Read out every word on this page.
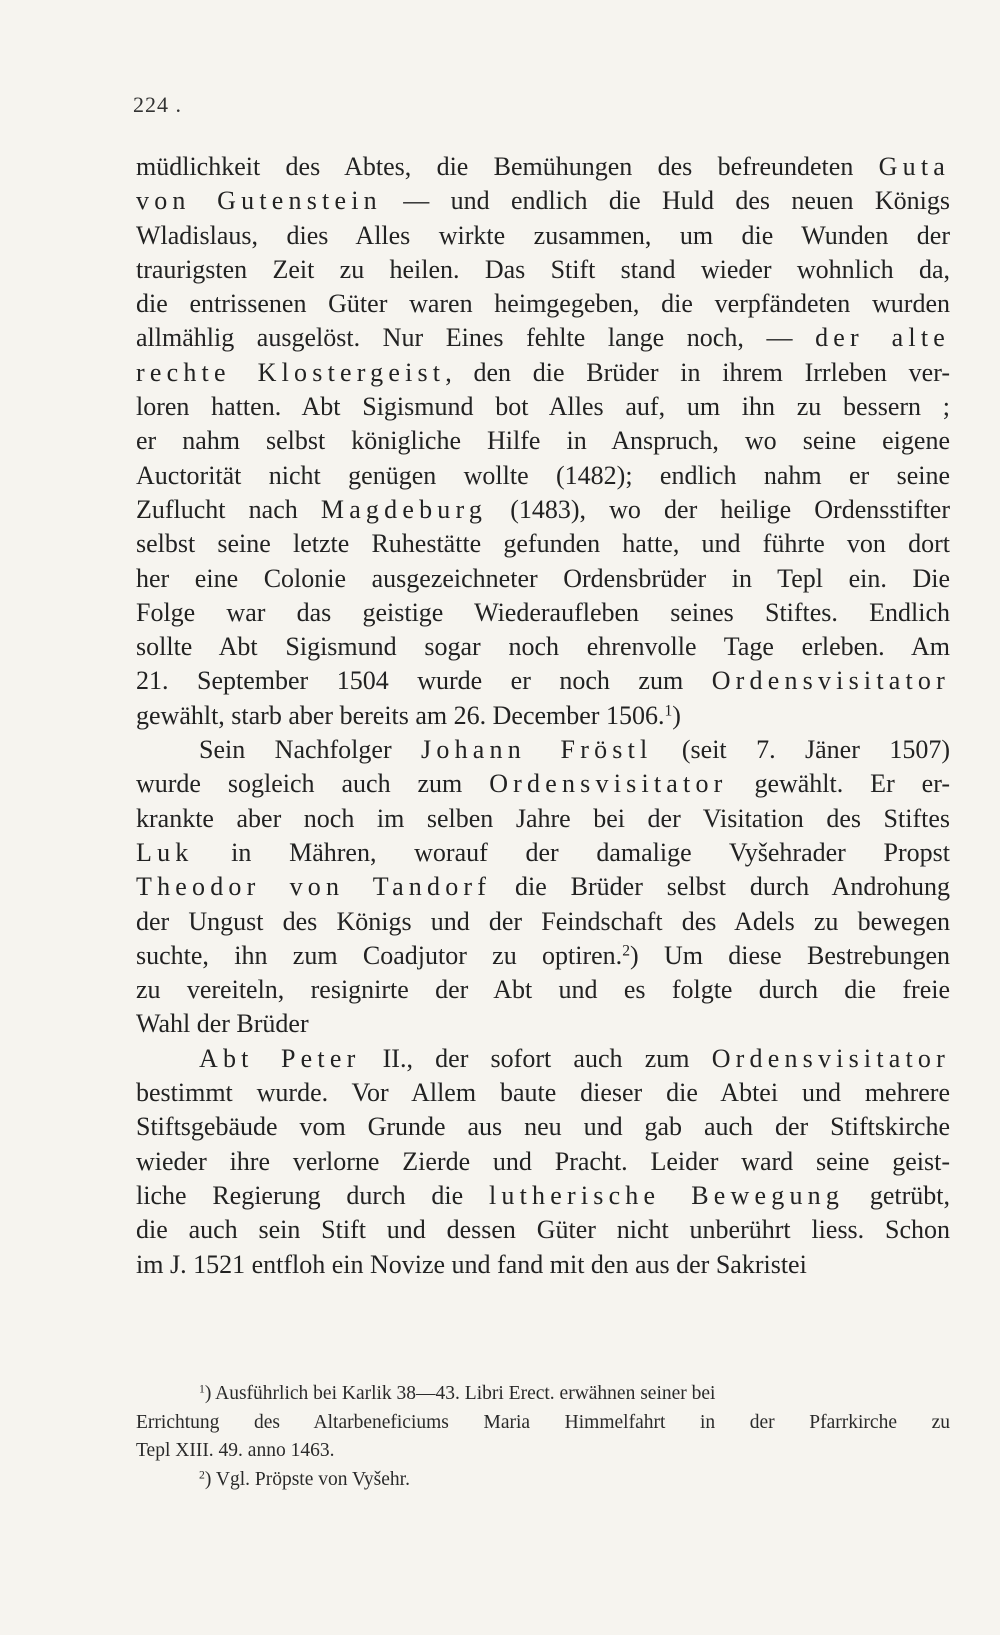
224 .
müdlichkeit des Abtes, die Bemühungen des befreundeten Guta
von Gutenstein — und endlich die Huld des neuen Königs
Wladislaus, dies Alles wirkte zusammen, um die Wunden der
traurigsten Zeit zu heilen. Das Stift stand wieder wohnlich da,
die entrissenen Güter waren heimgegeben, die verpfändeten wurden
allmählig ausgelöst. Nur Eines fehlte lange noch, — der alte
rechte Klostergeist, den die Brüder in ihrem Irrleben ver-
loren hatten. Abt Sigismund bot Alles auf, um ihn zu bessern ;
er nahm selbst königliche Hilfe in Anspruch, wo seine eigene
Auctorität nicht genügen wollte (1482); endlich nahm er seine
Zuflucht nach Magdeburg (1483), wo der heilige Ordensstifter
selbst seine letzte Ruhestätte gefunden hatte, und führte von dort
her eine Colonie ausgezeichneter Ordensbrüder in Tepl ein. Die
Folge war das geistige Wiederaufleben seines Stiftes. Endlich
sollte Abt Sigismund sogar noch ehrenvolle Tage erleben. Am
21. September 1504 wurde er noch zum Ordensvisitator
gewählt, starb aber bereits am 26. December 1506.$^1$)
Sein Nachfolger Johann Fröstl (seit 7. Jäner 1507)
wurde sogleich auch zum Ordensvisitator gewählt. Er er-
krankte aber noch im selben Jahre bei der Visitation des Stiftes
Luk in Mähren, worauf der damalige Vyšehrader Propst
Theodor von Tandorf die Brüder selbst durch Androhung
der Ungust des Königs und der Feindschaft des Adels zu bewegen
suchte, ihn zum Coadjutor zu optiren.$^2$) Um diese Bestrebungen
zu vereiteln, resignirte der Abt und es folgte durch die freie
Wahl der Brüder
Abt Peter II., der sofort auch zum Ordensvisitator
bestimmt wurde. Vor Allem baute dieser die Abtei und mehrere
Stiftsgebäude vom Grunde aus neu und gab auch der Stiftskirche
wieder ihre verlorne Zierde und Pracht. Leider ward seine geist-
liche Regierung durch die lutherische Bewegung getrübt,
die auch sein Stift und dessen Güter nicht unberührt liess. Schon
im J. 1521 entfloh ein Novize und fand mit den aus der Sakristei
$^1$) Ausführlich bei Karlik 38—43. Libri Erect. erwähnen seiner bei
Errichtung des Altarbeneficiums Maria Himmelfahrt in der Pfarrkirche zu
Tepl XIII. 49. anno 1463.
$^2$) Vgl. Pröpste von Vyšehr.
